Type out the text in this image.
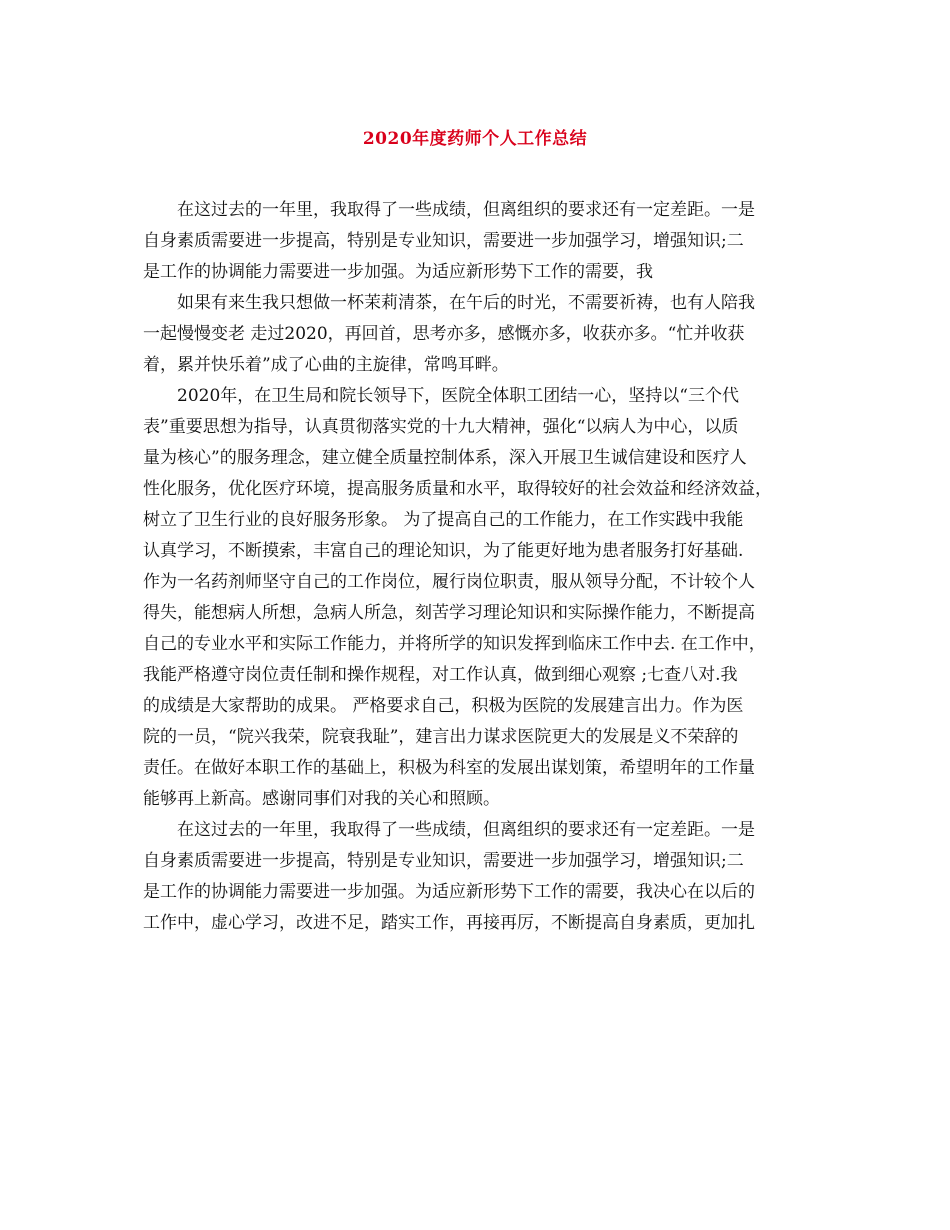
2020年度药师个人工作总结
　　在这过去的一年里，我取得了一些成绩，但离组织的要求还有一定差距。一是
自身素质需要进一步提高，特别是专业知识，需要进一步加强学习，增强知识;二
是工作的协调能力需要进一步加强。为适应新形势下工作的需要，我
　　如果有来生我只想做一杯茉莉清茶，在午后的时光，不需要祈祷，也有人陪我
一起慢慢变老 走过2020，再回首，思考亦多，感慨亦多，收获亦多。“忙并收获
着，累并快乐着”成了心曲的主旋律，常鸣耳畔。
　　2020年，在卫生局和院长领导下，医院全体职工团结一心，坚持以“三个代
表”重要思想为指导，认真贯彻落实党的十九大精神，强化“以病人为中心，以质
量为核心”的服务理念，建立健全质量控制体系，深入开展卫生诚信建设和医疗人
性化服务，优化医疗环境，提高服务质量和水平，取得较好的社会效益和经济效益，
树立了卫生行业的良好服务形象。 为了提高自己的工作能力，在工作实践中我能
认真学习，不断摸索，丰富自己的理论知识，为了能更好地为患者服务打好基础.
作为一名药剂师坚守自己的工作岗位，履行岗位职责，服从领导分配，不计较个人
得失，能想病人所想，急病人所急，刻苦学习理论知识和实际操作能力，不断提高
自己的专业水平和实际工作能力，并将所学的知识发挥到临床工作中去. 在工作中，
我能严格遵守岗位责任制和操作规程，对工作认真，做到细心观察 ;七查八对.我
的成绩是大家帮助的成果。 严格要求自己，积极为医院的发展建言出力。作为医
院的一员，“院兴我荣，院衰我耻”，建言出力谋求医院更大的发展是义不荣辞的
责任。在做好本职工作的基础上，积极为科室的发展出谋划策，希望明年的工作量
能够再上新高。感谢同事们对我的关心和照顾。
　　在这过去的一年里，我取得了一些成绩，但离组织的要求还有一定差距。一是
自身素质需要进一步提高，特别是专业知识，需要进一步加强学习，增强知识;二
是工作的协调能力需要进一步加强。为适应新形势下工作的需要，我决心在以后的
工作中，虚心学习，改进不足，踏实工作，再接再厉，不断提高自身素质，更加扎
